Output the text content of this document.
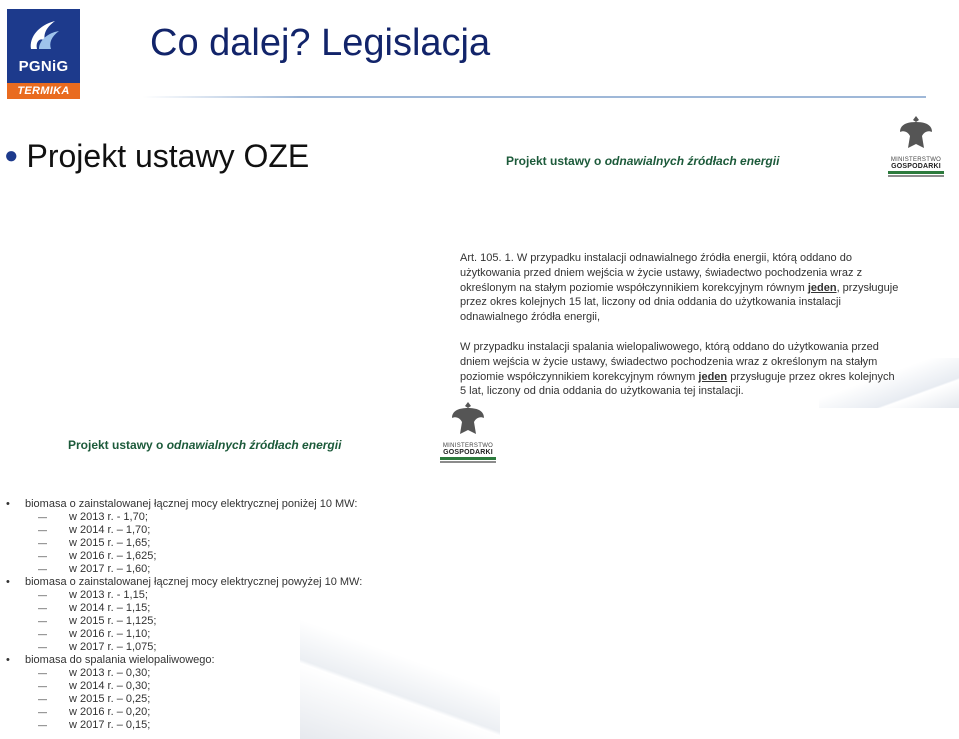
PGNiG
TERMIKA
Co dalej? Legislacja
● Projekt ustawy OZE	Projekt ustawy o odnawialnych źródłach energii	MINISTERSTWO
GOSPODARKI

Art. 105. 1. W przypadku instalacji odnawialnego źródła energii, którą oddano do użytkowania przed dniem wejścia w życie ustawy, świadectwo pochodzenia wraz z określonym na stałym poziomie współczynnikiem korekcyjnym równym jeden, przysługuje przez okres kolejnych 15 lat, liczony od dnia oddania do użytkowania instalacji odnawialnego źródła energii,

W przypadku instalacji spalania wielopaliwowego, którą oddano do użytkowania przed dniem wejścia w życie ustawy, świadectwo pochodzenia wraz z określonym na stałym poziomie współczynnikiem korekcyjnym równym jeden przysługuje przez okres kolejnych 5 lat, liczony od dnia oddania do użytkowania tej instalacji.

Projekt ustawy o odnawialnych źródłach energii	MINISTERSTWO
GOSPODARKI
• biomasa o zainstalowanej łącznej mocy elektrycznej poniżej 10 MW:
— w 2013 r. - 1,70;
— w 2014 r. – 1,70;
— w 2015 r. – 1,65;
— w 2016 r. – 1,625;
— w 2017 r. – 1,60;
• biomasa o zainstalowanej łącznej mocy elektrycznej powyżej 10 MW:
— w 2013 r. - 1,15;
— w 2014 r. – 1,15;
— w 2015 r. – 1,125;
— w 2016 r. – 1,10;
— w 2017 r. – 1,075;
• biomasa do spalania wielopaliwowego:
— w 2013 r. – 0,30;
— w 2014 r. – 0,30;
— w 2015 r. – 0,25;
— w 2016 r. – 0,20;
— w 2017 r. – 0,15;
